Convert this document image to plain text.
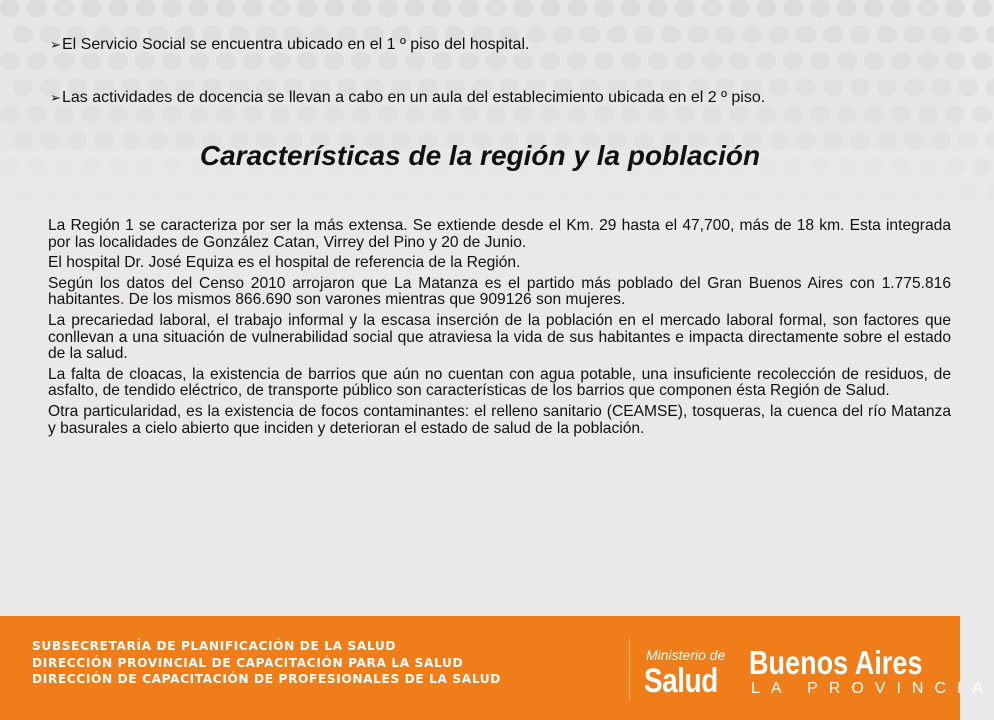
➢El Servicio Social se encuentra ubicado en el 1 º piso del hospital.
➢Las actividades de docencia se llevan a cabo en un aula del establecimiento ubicada en el 2 º piso.
Características de la región y la población

La Región 1 se caracteriza por ser la más extensa. Se extiende desde el Km. 29 hasta el 47,700, más de 18 km. Esta integrada por las localidades de González Catan, Virrey del Pino y 20 de Junio.

El hospital Dr. José Equiza es el hospital de referencia de la Región.

Según los datos del Censo 2010 arrojaron que La Matanza es el partido más poblado del Gran Buenos Aires con 1.775.816 habitantes. De los mismos 866.690 son varones mientras que 909126 son mujeres.

La precariedad laboral, el trabajo informal y la escasa inserción de la población en el mercado laboral formal, son factores que conllevan a una situación de vulnerabilidad social que atraviesa la vida de sus habitantes e impacta directamente sobre el estado de la salud.

La falta de cloacas, la existencia de barrios que aún no cuentan con agua potable, una insuficiente recolección de residuos, de asfalto, de tendido eléctrico, de transporte público son características de los barrios que componen ésta Región de Salud.

Otra particularidad, es la existencia de focos contaminantes: el relleno sanitario (CEAMSE), tosqueras, la cuenca del río Matanza y basurales a cielo abierto que inciden y deterioran el estado de salud de la población.

SUBSECRETARÍA DE PLANIFICACIÓN DE LA SALUD
DIRECCIÓN PROVINCIAL DE CAPACITACIÓN PARA LA SALUD
DIRECCIÓN DE CAPACITACIÓN DE PROFESIONALES DE LA SALUD
Ministerio de
Salud Buenos Aires
LA PROVINCIA
